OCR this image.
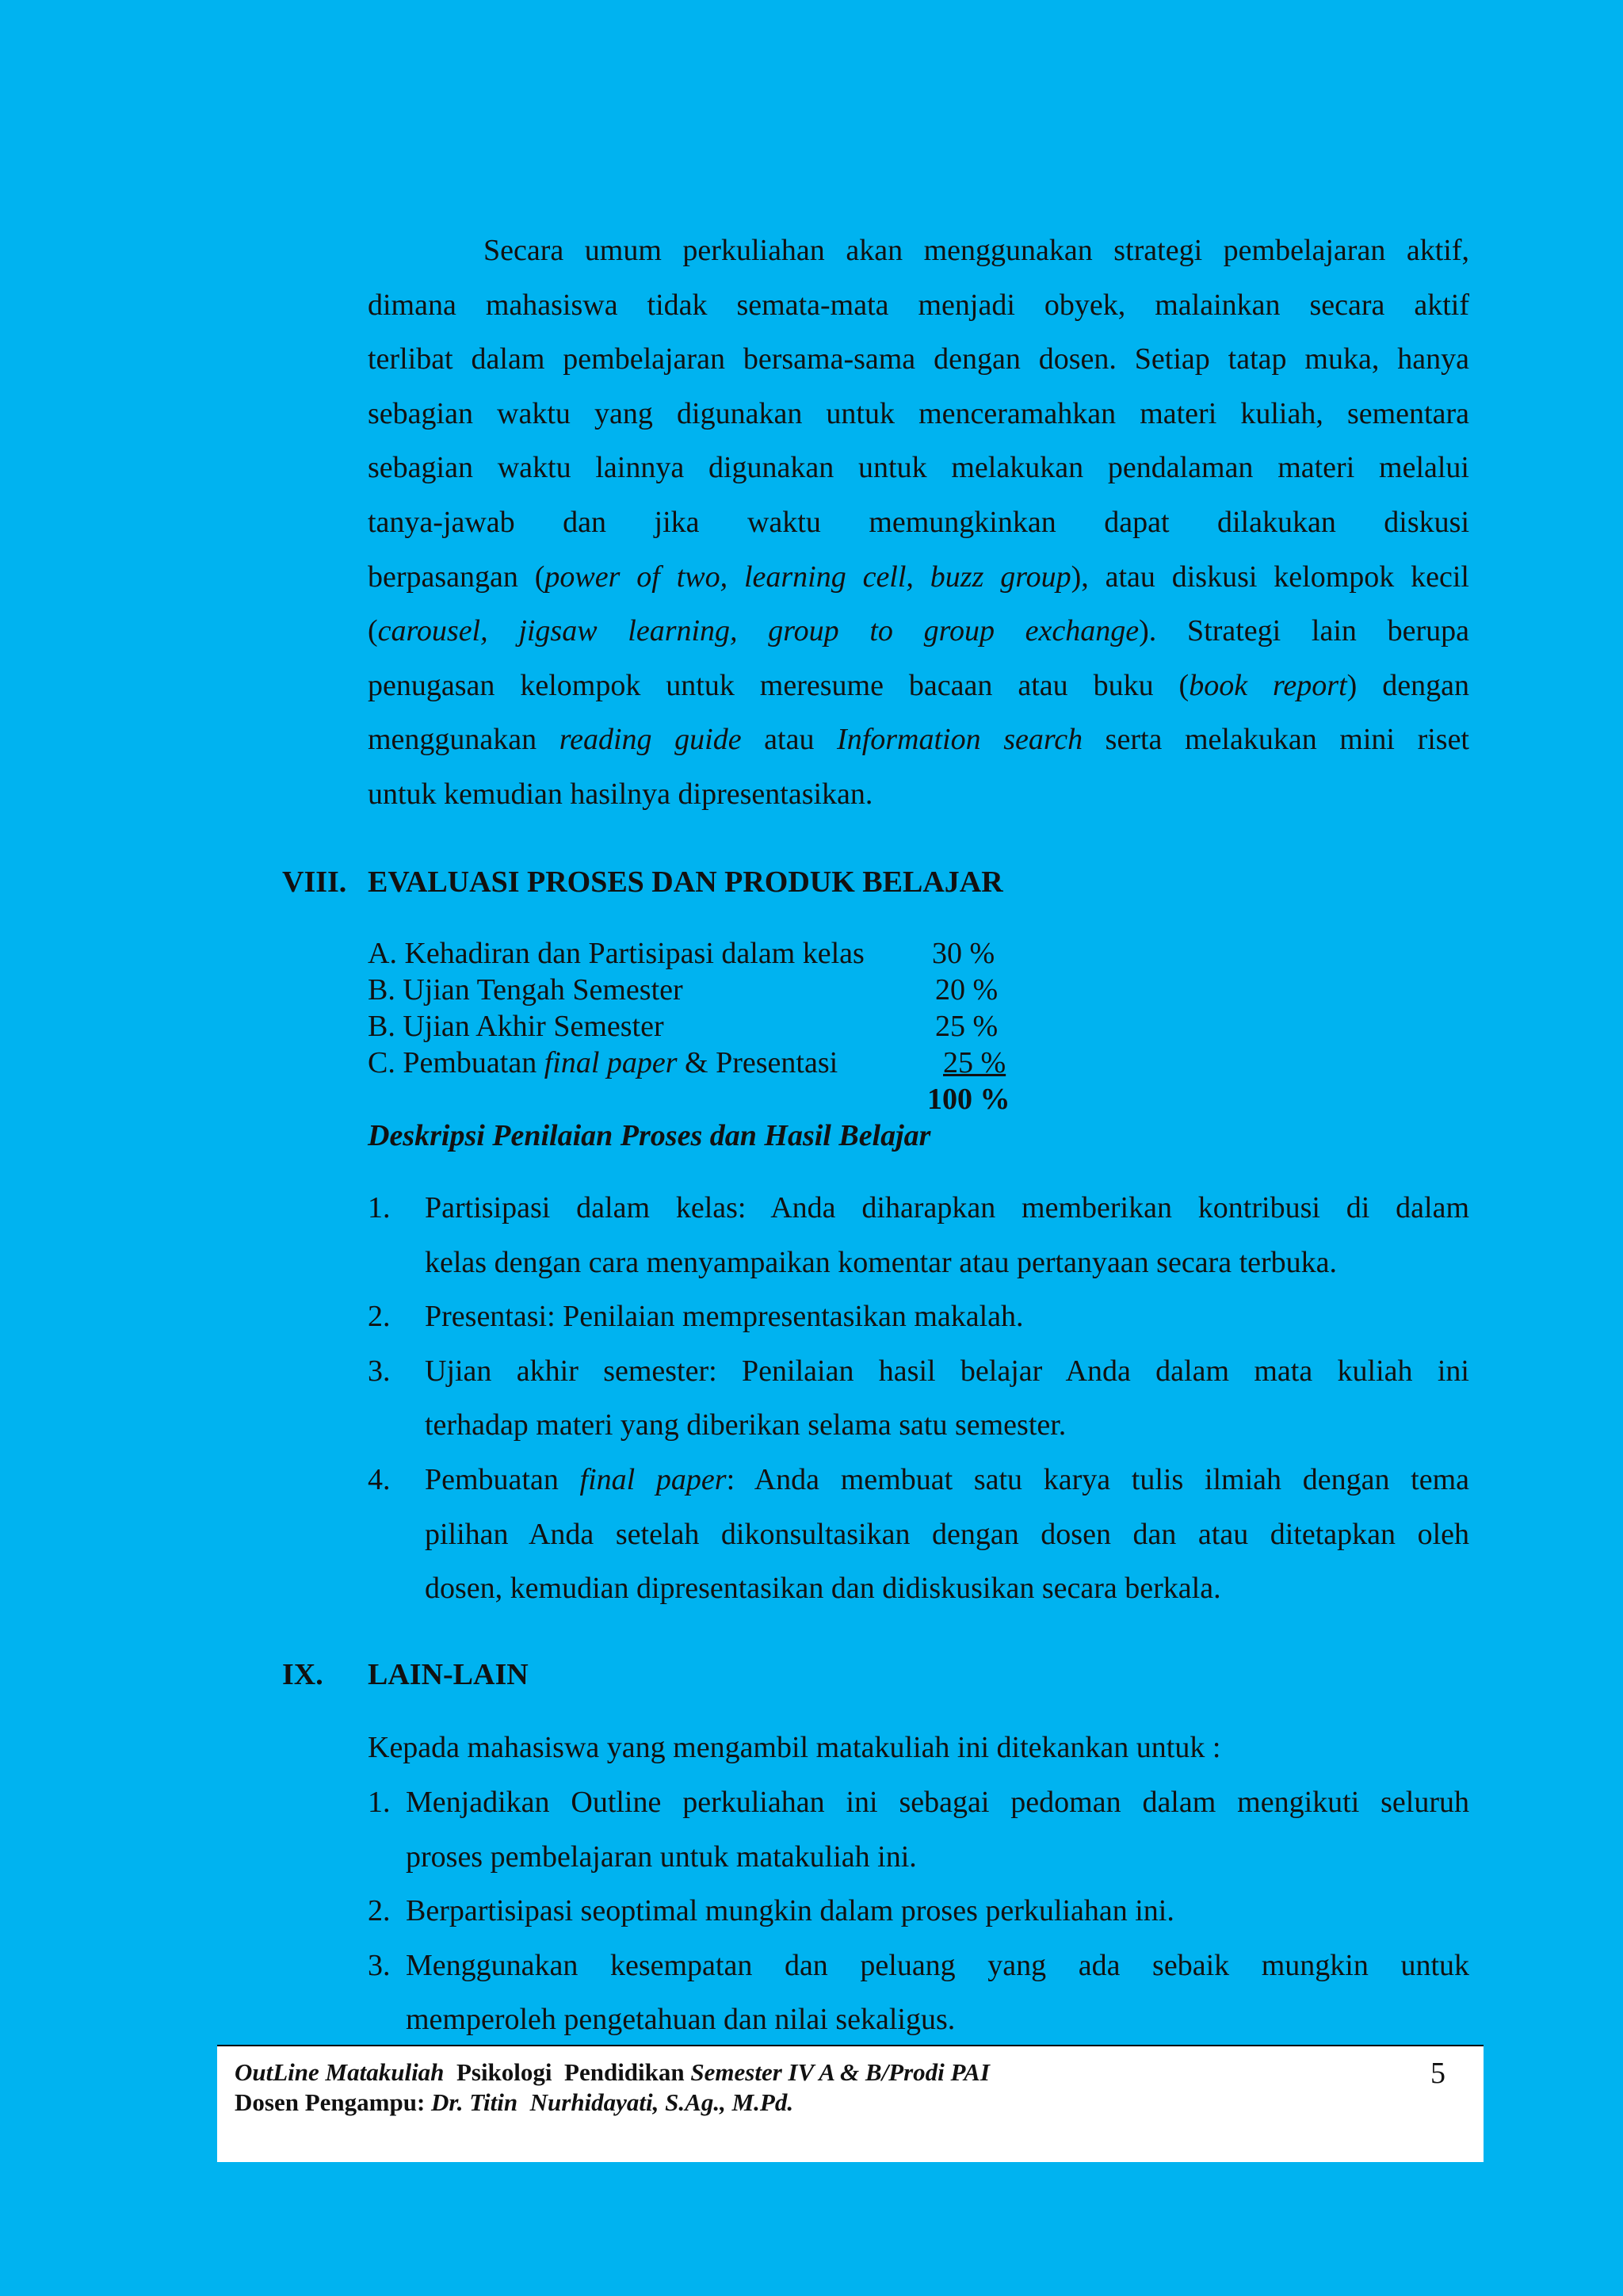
Secara umum perkuliahan akan menggunakan strategi pembelajaran aktif,
dimana mahasiswa tidak semata-mata menjadi obyek, malainkan secara aktif
terlibat dalam pembelajaran bersama-sama dengan dosen. Setiap tatap muka, hanya
sebagian waktu yang digunakan untuk menceramahkan materi kuliah, sementara
sebagian waktu lainnya digunakan untuk melakukan pendalaman materi melalui
tanya-jawab dan jika waktu memungkinkan dapat dilakukan diskusi
berpasangan (power of two, learning cell, buzz group), atau diskusi kelompok kecil
(carousel, jigsaw learning, group to group exchange). Strategi lain berupa
penugasan kelompok untuk meresume bacaan atau buku (book report) dengan
menggunakan reading guide atau Information search serta melakukan mini riset
untuk kemudian hasilnya dipresentasikan.
VIII. EVALUASI PROSES DAN PRODUK BELAJAR
A. Kehadiran dan Partisipasi dalam kelas 30 %
B. Ujian Tengah Semester	20 %
B. Ujian Akhir Semester	25 %
C. Pembuatan final paper & Presentasi	25 %
100 %
Deskripsi Penilaian Proses dan Hasil Belajar
1. Partisipasi dalam kelas: Anda diharapkan memberikan kontribusi di dalam
kelas dengan cara menyampaikan komentar atau pertanyaan secara terbuka.
2. Presentasi: Penilaian mempresentasikan makalah.
3. Ujian akhir semester: Penilaian hasil belajar Anda dalam mata kuliah ini
terhadap materi yang diberikan selama satu semester.
4. Pembuatan final paper: Anda membuat satu karya tulis ilmiah dengan tema
pilihan Anda setelah dikonsultasikan dengan dosen dan atau ditetapkan oleh
dosen, kemudian dipresentasikan dan didiskusikan secara berkala.
IX. LAIN-LAIN
Kepada mahasiswa yang mengambil matakuliah ini ditekankan untuk :
1. Menjadikan Outline perkuliahan ini sebagai pedoman dalam mengikuti seluruh
proses pembelajaran untuk matakuliah ini.
2. Berpartisipasi seoptimal mungkin dalam proses perkuliahan ini.
3. Menggunakan kesempatan dan peluang yang ada sebaik mungkin untuk
memperoleh pengetahuan dan nilai sekaligus.
OutLine Matakuliah  Psikologi  Pendidikan Semester IV A & B/Prodi PAI
Dosen Pengampu: Dr. Titin  Nurhidayati, S.Ag., M.Pd.
5
